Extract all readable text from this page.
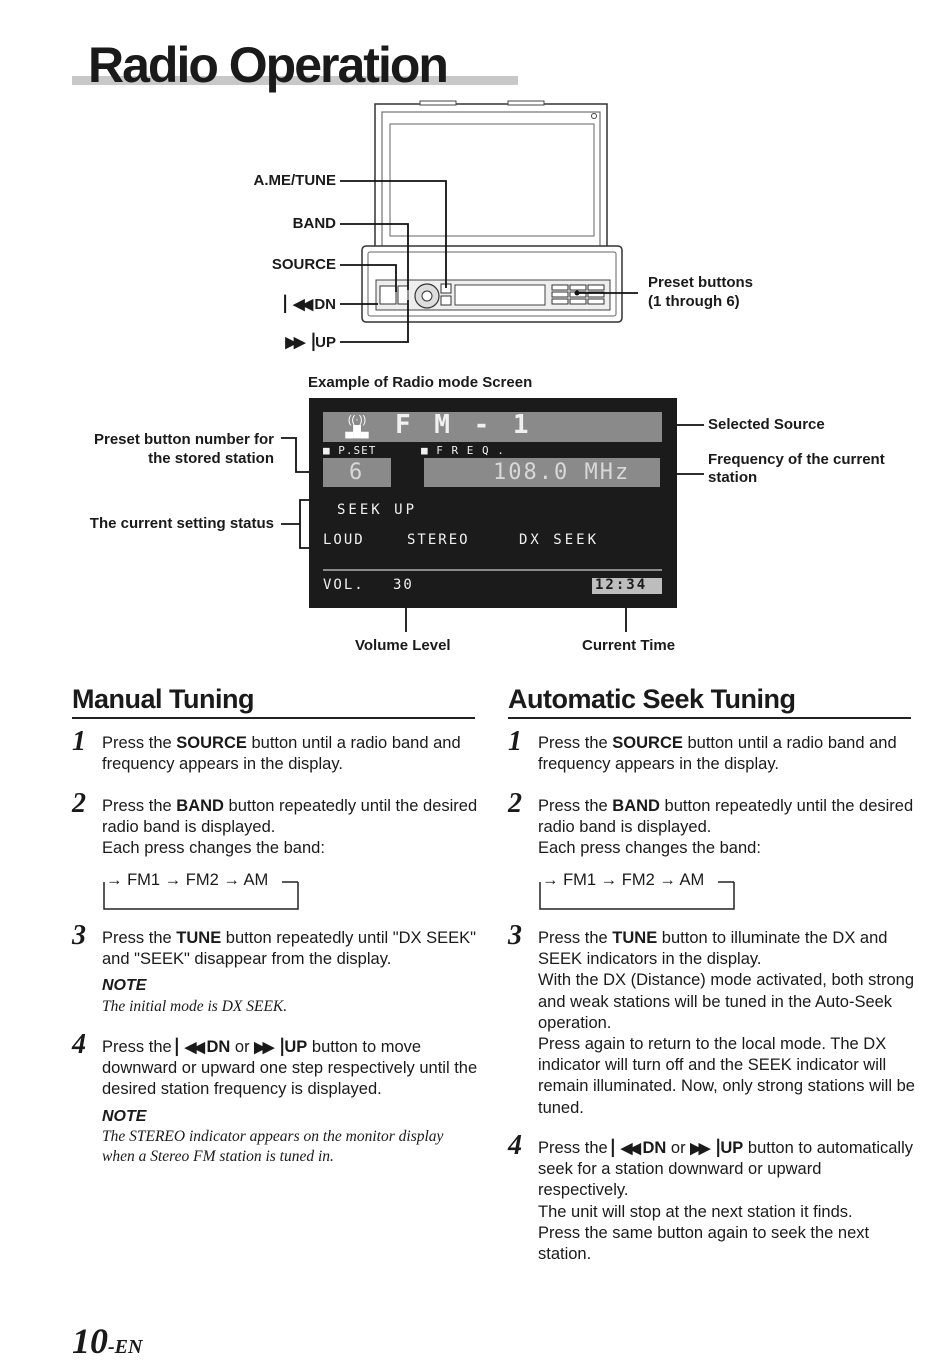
Radio Operation
A.ME/TUNE
BAND
SOURCE
▏◀◀ DN
▶▶▕ UP
Preset buttons
(1 through 6)
Example of Radio mode Screen
((·))
▄█▄	F M - 1
■ P.SET	■ F R E Q .
6	108.0 MHz
SEEK UP
LOUD	STEREO	DX SEEK
VOL. 30	12:34
Preset button number for
the stored station
The current setting status
Selected Source
Frequency of the current
station
Volume Level	Current Time
Manual Tuning
1 Press the SOURCE button until a radio band and frequency appears in the display.
2 Press the BAND button repeatedly until the desired radio band is displayed.
Each press changes the band:
→ FM1 → FM2 → AM
3 Press the TUNE button repeatedly until "DX SEEK" and "SEEK" disappear from the display.
NOTE
The initial mode is DX SEEK.
4 Press the ▏◀◀ DN or ▶▶▕ UP button to move downward or upward one step respectively until the desired station frequency is displayed.
NOTE
The STEREO indicator appears on the monitor display when a Stereo FM station is tuned in.
Automatic Seek Tuning
1 Press the SOURCE button until a radio band and frequency appears in the display.
2 Press the BAND button repeatedly until the desired radio band is displayed.
Each press changes the band:
→ FM1 → FM2 → AM
3 Press the TUNE button to illuminate the DX and SEEK indicators in the display.
With the DX (Distance) mode activated, both strong and weak stations will be tuned in the Auto-Seek operation.
Press again to return to the local mode. The DX indicator will turn off and the SEEK indicator will remain illuminated. Now, only strong stations will be tuned.
4 Press the ▏◀◀ DN or ▶▶▕ UP button to automatically seek for a station downward or upward respectively.
The unit will stop at the next station it finds.
Press the same button again to seek the next station.
10-EN
